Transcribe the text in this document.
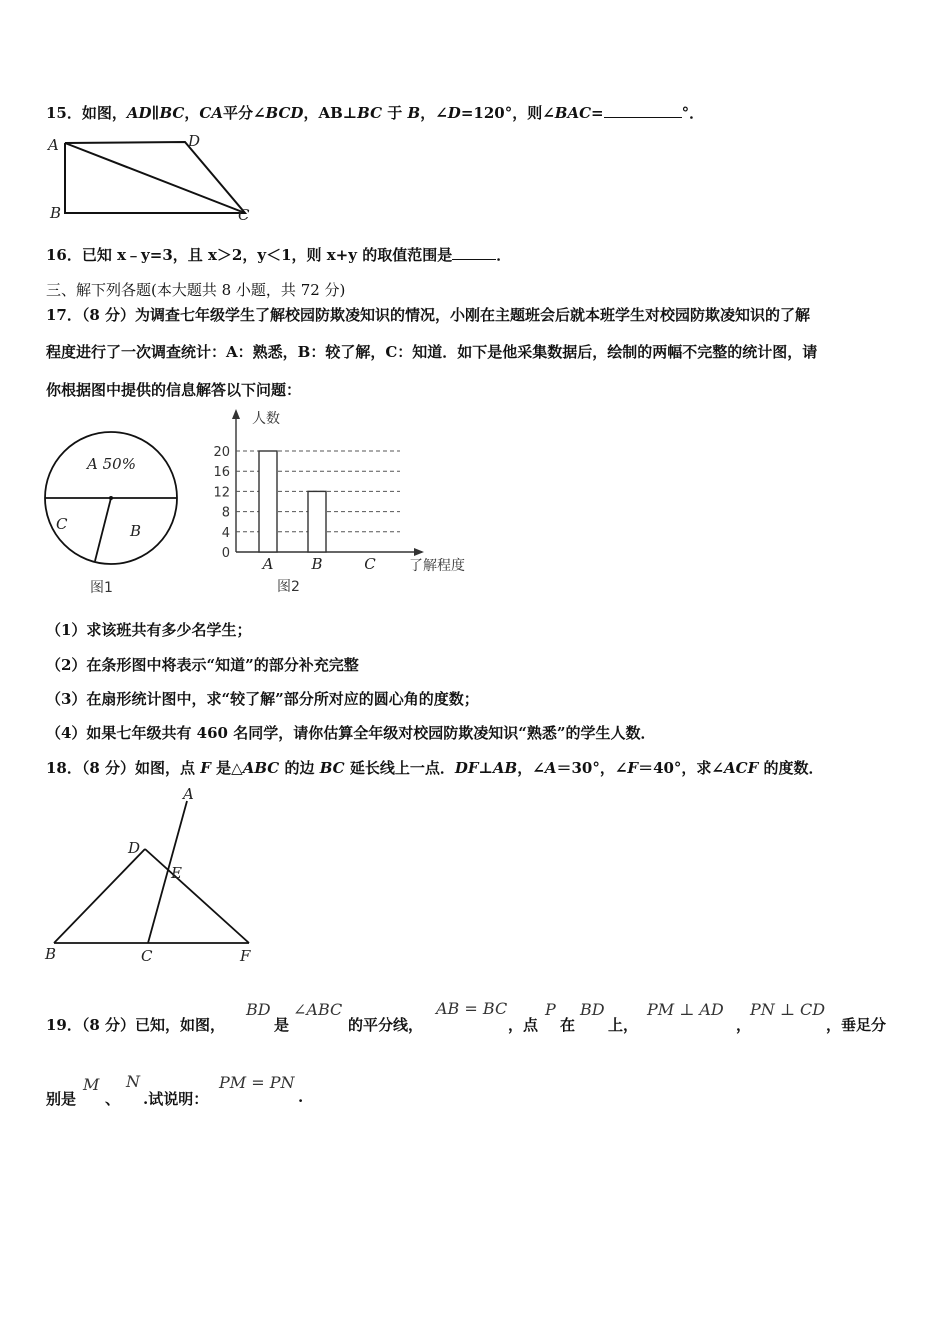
15．如图，AD∥BC，CA平分∠BCD，AB⊥BC 于 B，∠D=120°，则∠BAC=	°．
A	D
B	C
16．已知 x﹣y=3，且 x＞2，y＜1，则 x+y 的取值范围是	．
三、解下列各题(本大题共 8 小题，共 72 分)
17．（8 分）为调查七年级学生了解校园防欺凌知识的情况，小刚在主题班会后就本班学生对校园防欺凌知识的了解
程度进行了一次调查统计：A：熟悉，B：较了解，C：知道．如下是他采集数据后，绘制的两幅不完整的统计图，请
你根据图中提供的信息解答以下问题：
A 50%
C	B
图1
0
4
8
12
16
20
A	B	C
人数
了解程度
图2
（1）求该班共有多少名学生；
（2）在条形图中将表示“知道”的部分补充完整
（3）在扇形统计图中，求“较了解”部分所对应的圆心角的度数；
（4）如果七年级共有 460 名同学，请你估算全年级对校园防欺凌知识“熟悉”的学生人数．
18．（8 分）如图，点 F 是△ABC 的边 BC 延长线上一点．DF⊥AB，∠A＝30°，∠F＝40°，求∠ACF 的度数．
A
D
E
B	C	F
19．（8 分）已知，如图，
BD
是
∠ABC
的平分线，
AB = BC
，点
P
在
BD
上，
PM ⊥ AD
，
PN ⊥ CD
，垂足分
别是
M
、
N
.试说明：
PM = PN
.
